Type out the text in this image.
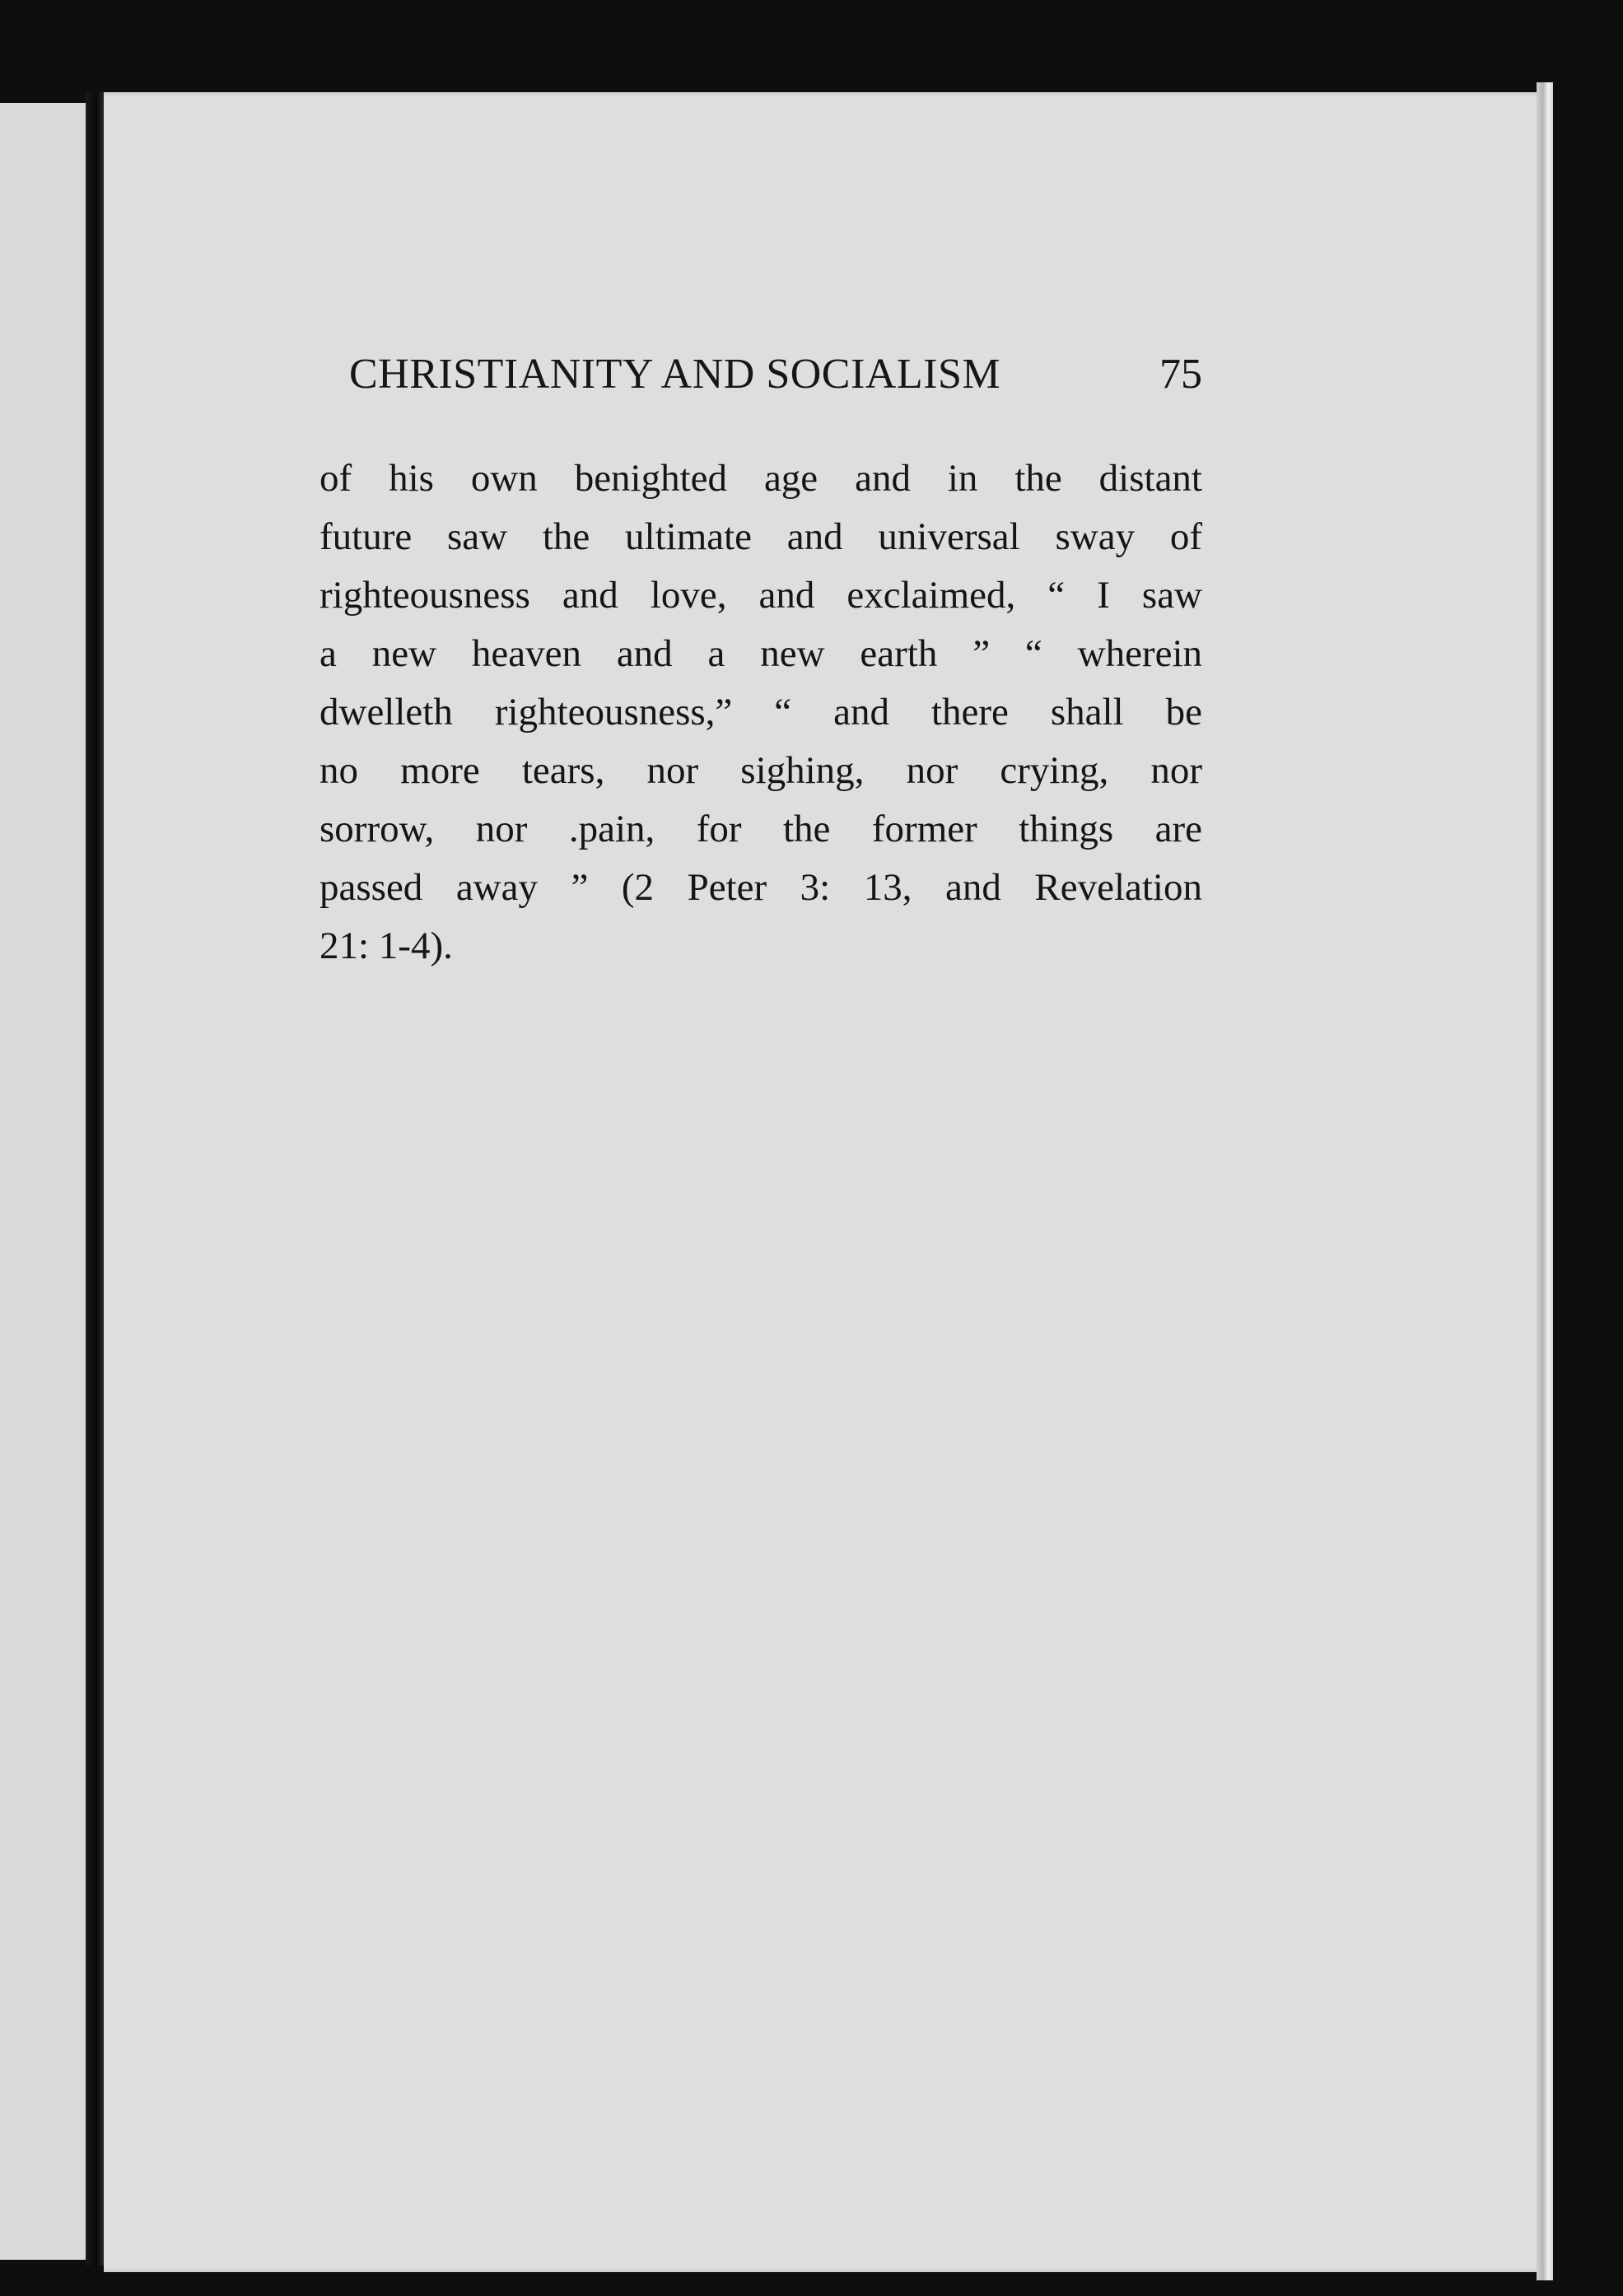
CHRISTIANITY AND SOCIALISM	75
of his own benighted age and in the distant
future saw the ultimate and universal sway of
righteousness and love, and exclaimed, “ I saw
a new heaven and a new earth ” “ wherein
dwelleth righteousness,” “ and there shall be
no more tears, nor sighing, nor crying, nor
sorrow, nor .pain, for the former things are
passed away ” (2 Peter 3: 13, and Revelation
21: 1-4).
